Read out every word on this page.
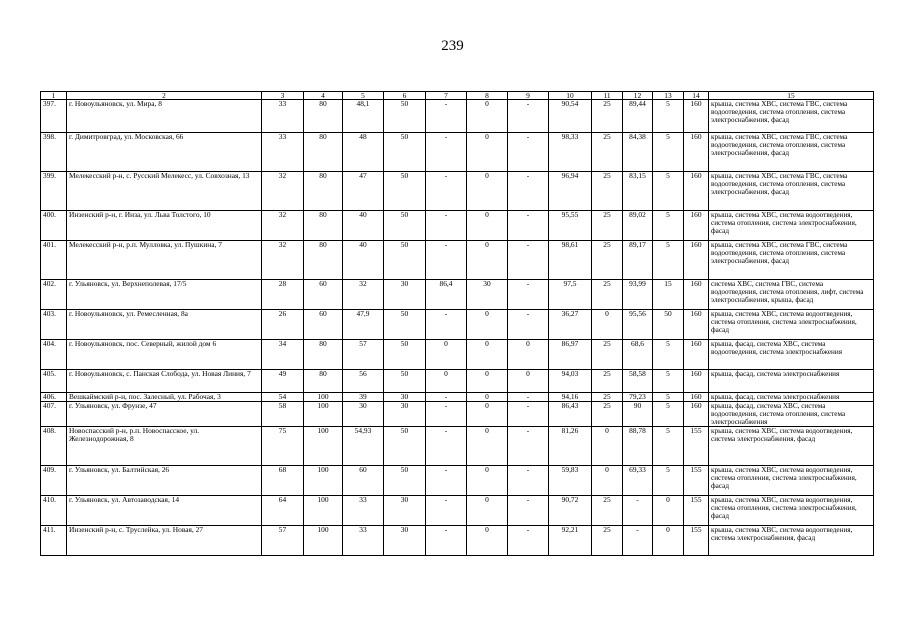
239
1	2	3	4	5	6	7	8	9	10	11	12	13	14	15
397.	г. Новоульяновск, ул. Мира, 8	33	80	48,1	50	-	0	-	90,54	25	89,44	5	160	крыша, система ХВС, система ГВС, система водоотведения, система отопления, система электроснабжения, фасад
398.	г. Димитровград, ул. Московская, 66	33	80	48	50	-	0	-	98,33	25	84,38	5	160	крыша, система ХВС, система ГВС, система водоотведения, система отопления, система электроснабжения, фасад
399.	Мелекесский р-н, с. Русский Мелекесс, ул. Совхозная, 13	32	80	47	50	-	0	-	96,94	25	83,15	5	160	крыша, система ХВС, система ГВС, система водоотведения, система отопления, система электроснабжения, фасад
400.	Инзенский р-н, г. Инза, ул. Льва Толстого, 10	32	80	40	50	-	0	-	95,55	25	89,02	5	160	крыша, система ХВС, система водоотведения, система отопления, система электроснабжения, фасад
401.	Мелекесский р-н, р.п. Мулловка, ул. Пушкина, 7	32	80	40	50	-	0	-	98,61	25	89,17	5	160	крыша, система ХВС, система ГВС, система водоотведения, система отопления, система электроснабжения, фасад
402.	г. Ульяновск, ул. Верхнеполевая, 17/5	28	60	32	30	86,4	30	-	97,5	25	93,99	15	160	система ХВС, система ГВС, система водоотведения, система отопления, лифт, система электроснабжения, крыша, фасад
403.	г. Новоульяновск, ул. Ремесленная, 8а	26	60	47,9	50	-	0	-	36,27	0	95,56	50	160	крыша, система ХВС, система водоотведения, система отопления, система электроснабжения, фасад
404.	г. Новоульяновск, пос. Северный, жилой дом 6	34	80	57	50	0	0	0	86,97	25	68,6	5	160	крыша, фасад, система ХВС, система водоотведения, система электроснабжения
405.	г. Новоульяновск, с. Панская Слобода, ул. Новая Линия, 7	49	80	56	50	0	0	0	94,03	25	58,58	5	160	крыша, фасад, система электроснабжения
406.	Вешкаймский р-н, пос. Залесный, ул. Рабочая, 3	54	100	39	30	-	0	-	94,16	25	79,23	5	160	крыша, фасад, система электроснабжения
407.	г. Ульяновск, ул. Фрунзе, 47	58	100	30	30	-	0	-	86,43	25	90	5	160	крыша, фасад, система ХВС, система водоотведения, система отопления, система электроснабжения
408.	Новоспасский р-н, р.п. Новоспасское, ул. Железнодорожная, 8	75	100	54,93	50	-	0	-	81,26	0	88,78	5	155	крыша, система ХВС, система водоотведения, система электроснабжения, фасад
409.	г. Ульяновск, ул. Балтийская, 26	68	100	60	50	-	0	-	59,83	0	69,33	5	155	крыша, система ХВС, система водоотведения, система отопления, система электроснабжения, фасад
410.	г. Ульяновск, ул. Автозаводская, 14	64	100	33	30	-	0	-	90,72	25	-	0	155	крыша, система ХВС, система водоотведения, система отопления, система электроснабжения, фасад
411.	Инзенский р-н, с. Труслейка, ул. Новая, 27	57	100	33	30	-	0	-	92,21	25	-	0	155	крыша, система ХВС, система водоотведения, система электроснабжения, фасад
